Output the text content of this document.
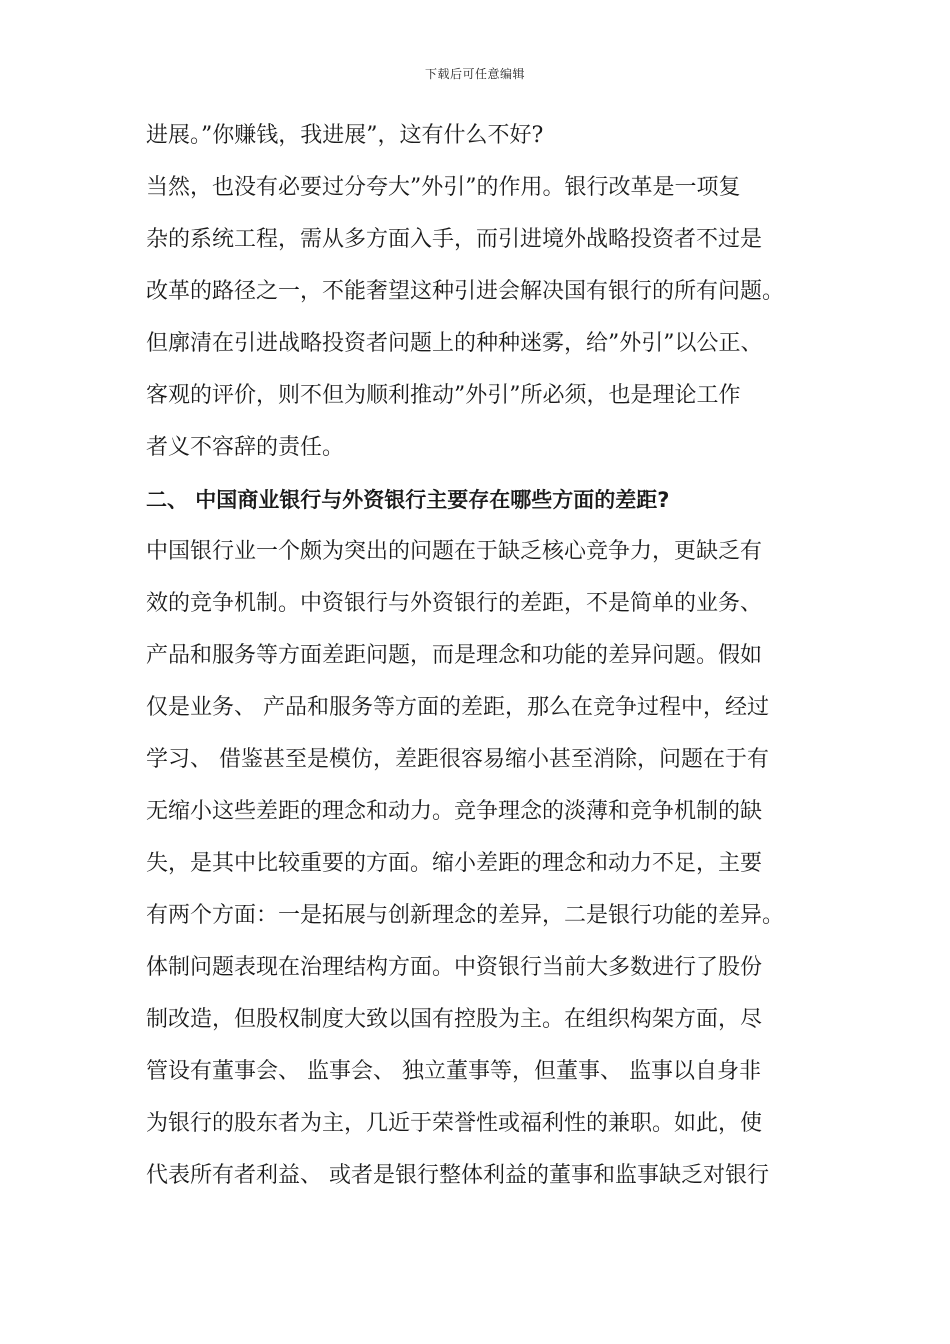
下载后可任意编辑
进展。”你赚钱，我进展”，这有什么不好?
当然，也没有必要过分夸大”外引”的作用。银行改革是一项复
杂的系统工程，需从多方面入手，而引进境外战略投资者不过是
改革的路径之一，不能奢望这种引进会解决国有银行的所有问题。
但廓清在引进战略投资者问题上的种种迷雾，给”外引”以公正、
客观的评价，则不但为顺利推动”外引”所必须，也是理论工作
者义不容辞的责任。
二、 中国商业银行与外资银行主要存在哪些方面的差距?
中国银行业一个颇为突出的问题在于缺乏核心竞争力，更缺乏有
效的竞争机制。中资银行与外资银行的差距，不是简单的业务、
产品和服务等方面差距问题，而是理念和功能的差异问题。假如
仅是业务、 产品和服务等方面的差距，那么在竞争过程中，经过
学习、 借鉴甚至是模仿，差距很容易缩小甚至消除，问题在于有
无缩小这些差距的理念和动力。竞争理念的淡薄和竞争机制的缺
失，是其中比较重要的方面。缩小差距的理念和动力不足，主要
有两个方面：一是拓展与创新理念的差异，二是银行功能的差异。
体制问题表现在治理结构方面。中资银行当前大多数进行了股份
制改造，但股权制度大致以国有控股为主。在组织构架方面，尽
管设有董事会、 监事会、 独立董事等，但董事、 监事以自身非
为银行的股东者为主，几近于荣誉性或福利性的兼职。如此，使
代表所有者利益、 或者是银行整体利益的董事和监事缺乏对银行
